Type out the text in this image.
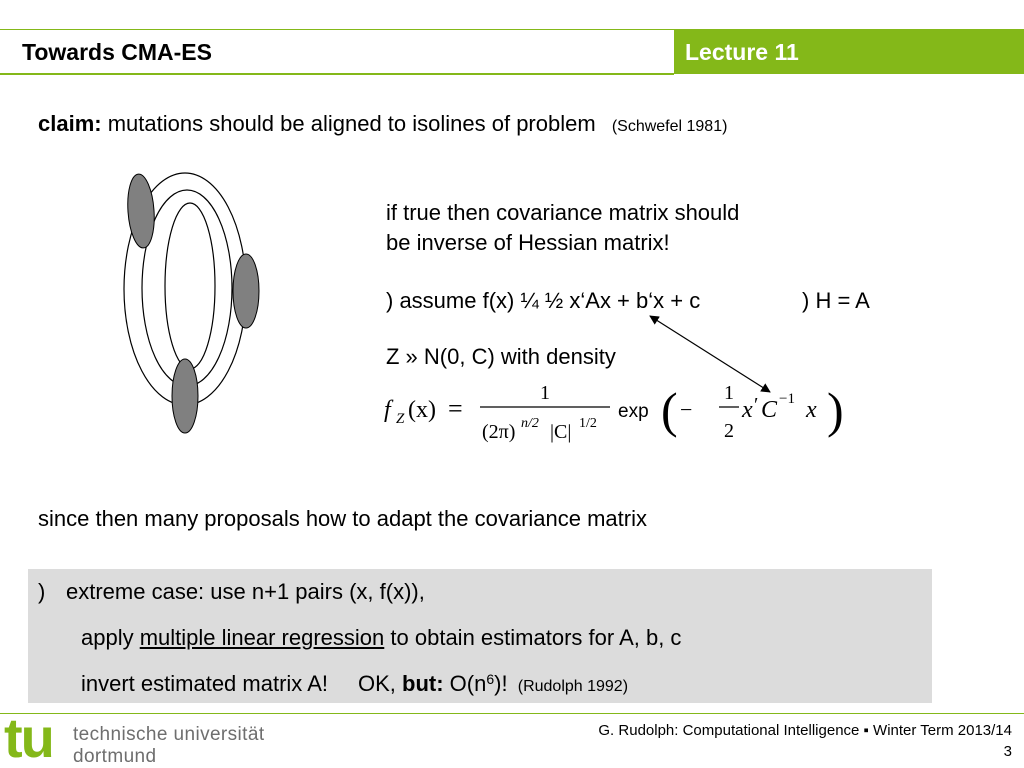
Towards CMA-ES	Lecture 11
claim: mutations should be aligned to isolines of problem (Schwefel 1981)
if true then covariance matrix should
be inverse of Hessian matrix!
) assume f(x) ¼ ½ x‘Ax + b‘x + c	) H = A
Z » N(0, C) with density
f Z (x) =
1
(2π) n/2 |C| 1/2
exp ( −
1
2
x ′ C −1 x )
since then many proposals how to adapt the covariance matrix
) extreme case: use n+1 pairs (x, f(x)),
apply multiple linear regression to obtain estimators for A, b, c
invert estimated matrix A! OK, but: $O(n^6)$! (Rudolph 1992)
tu technische universität
dortmund
G. Rudolph: Computational Intelligence ▪ Winter Term 2013/14
3
